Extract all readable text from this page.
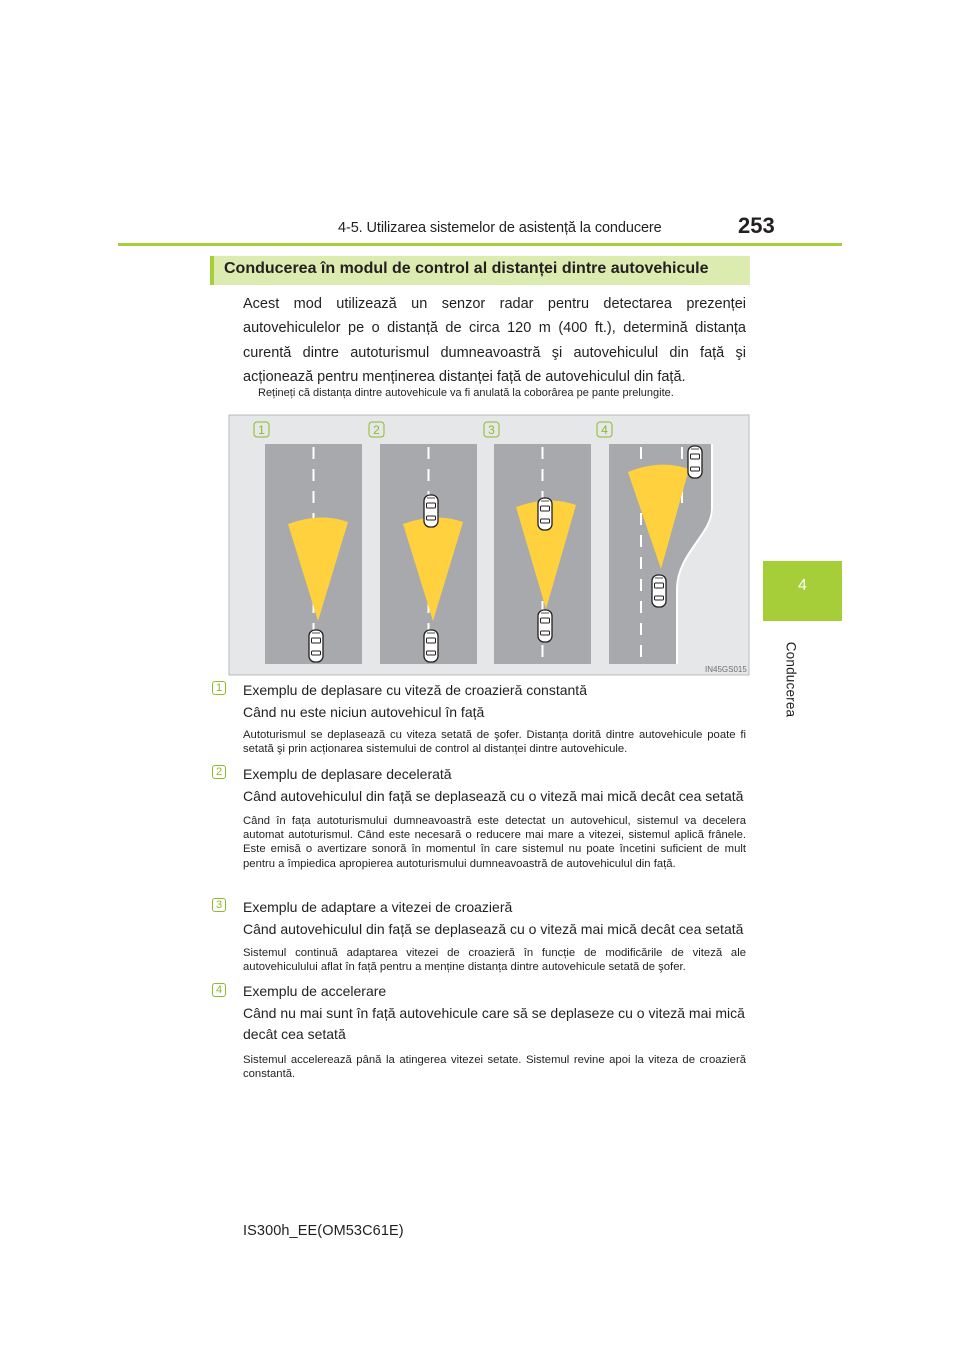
4-5. Utilizarea sistemelor de asistență la conducere	253
4
Conducerea
Conducerea în modul de control al distanței dintre autovehicule
Acest mod utilizează un senzor radar pentru detectarea prezenței autovehiculelor pe o distanță de circa 120 m (400 ft.), determină distanța curentă dintre autoturismul dumneavoastră şi autovehiculul din față şi acționează pentru menținerea distanței față de autovehiculul din față.
Rețineți că distanța dintre autovehicule va fi anulată la coborârea pe pante prelungite.
1	2	3	4
IN45GS015
1 Exemplu de deplasare cu viteză de croazieră constantă
Când nu este niciun autovehicul în față
Autoturismul se deplasează cu viteza setată de şofer. Distanța dorită dintre autovehicule poate fi setată şi prin acționarea sistemului de control al distanței dintre autovehicule.
2 Exemplu de deplasare decelerată
Când autovehiculul din față se deplasează cu o viteză mai mică decât cea setată
Când în fața autoturismului dumneavoastră este detectat un autovehicul, sistemul va decelera automat autoturismul. Când este necesară o reducere mai mare a vitezei, sistemul aplică frânele. Este emisă o avertizare sonoră în momentul în care sistemul nu poate încetini suficient de mult pentru a împiedica apropierea autoturismului dumneavoastră de autovehiculul din față.
3 Exemplu de adaptare a vitezei de croazieră
Când autovehiculul din față se deplasează cu o viteză mai mică decât cea setată
Sistemul continuă adaptarea vitezei de croazieră în funcție de modificările de viteză ale autovehiculului aflat în față pentru a menține distanța dintre autovehicule setată de şofer.
4 Exemplu de accelerare
Când nu mai sunt în față autovehicule care să se deplaseze cu o viteză mai mică decât cea setată
Sistemul accelerează până la atingerea vitezei setate. Sistemul revine apoi la viteza de croazieră constantă.
IS300h_EE(OM53C61E)
